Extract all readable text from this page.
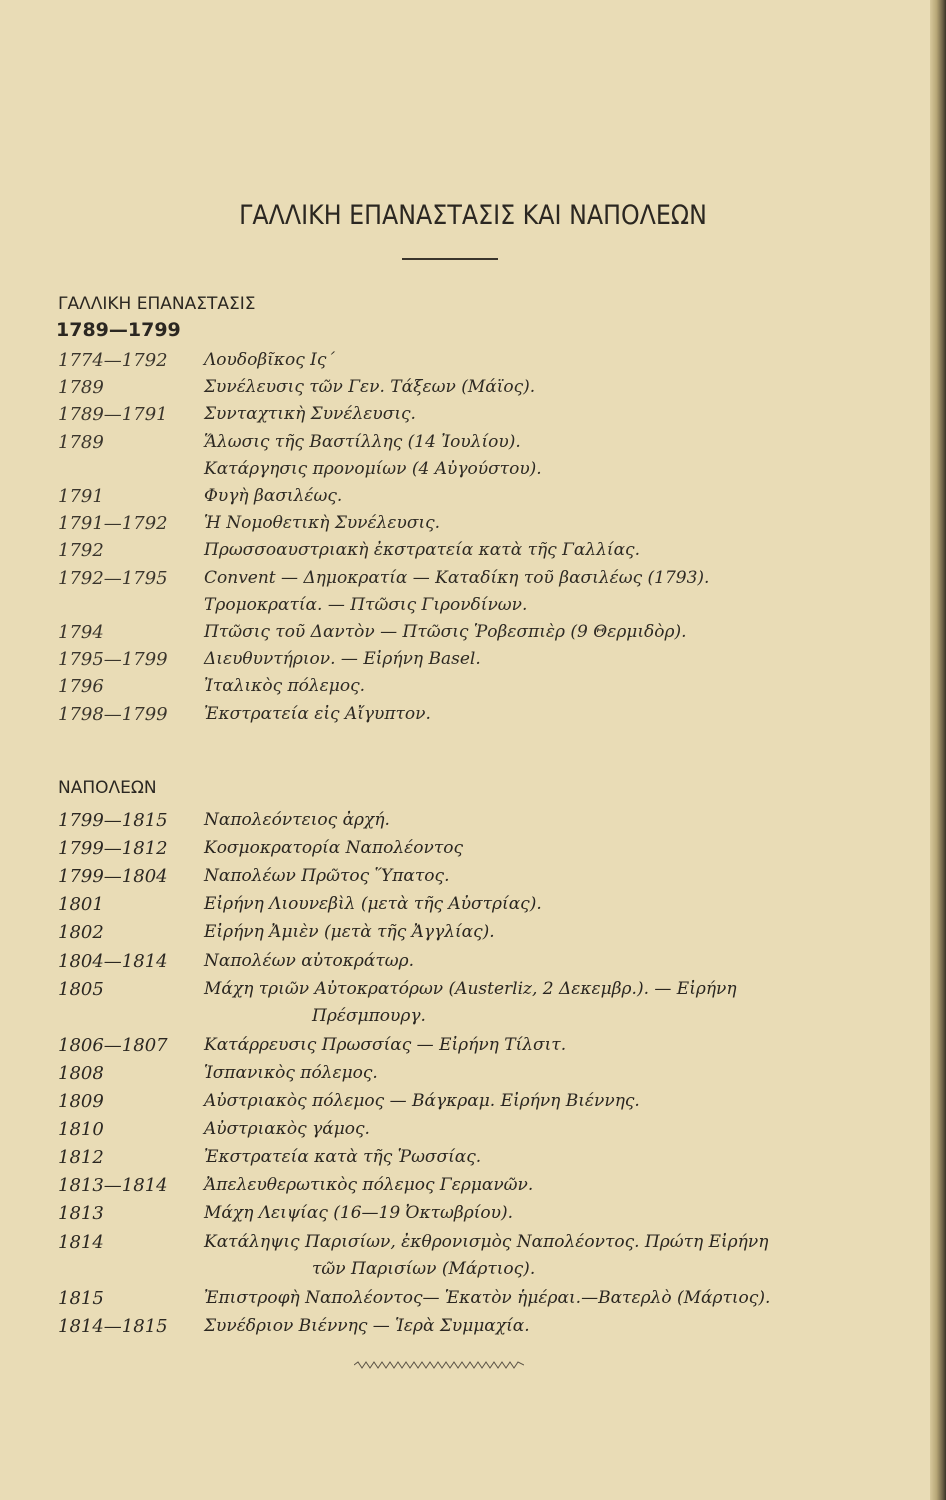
ΓΑΛΛΙΚΗ ΕΠΑΝΑΣΤΑΣΙΣ ΚΑΙ ΝΑΠΟΛΕΩΝ
ΓΑΛΛΙΚΗ ΕΠΑΝΑΣΤΑΣΙΣ
1789—1799
1774—1792 Λουδοβῖκος Ις΄
1789	Συνέλευσις τῶν Γεν. Τάξεων (Μάϊος).
1789—1791 Συνταχτικὴ Συνέλευσις.
1789	Ἅλωσις τῆς Βαστίλλης (14 Ἰουλίου).
Κατάργησις προνομίων (4 Αὐγούστου).
1791	Φυγὴ βασιλέως.
1791—1792 Ἡ Νομοθετικὴ Συνέλευσις.
1792	Πρωσσοαυστριακὴ ἐκστρατεία κατὰ τῆς Γαλλίας.
1792—1795 Convent — Δημοκρατία — Καταδίκη τοῦ βασιλέως (1793).
Τρομοκρατία. — Πτῶσις Γιρονδίνων.
1794	Πτῶσις τοῦ Δαντὸν — Πτῶσις Ῥοβεσπιὲρ (9 Θερμιδὸρ).
1795—1799 Διευθυντήριον. — Εἰρήνη Basel.
1796	Ἰταλικὸς πόλεμος.
1798—1799 Ἐκστρατεία εἰς Αἴγυπτον.
ΝΑΠΟΛΕΩΝ
1799—1815 Ναπολεόντειος ἀρχή.
1799—1812 Κοσμοκρατορία Ναπολέοντος
1799—1804 Ναπολέων Πρῶτος Ὕπατος.
1801	Εἰρήνη Λιουνεβὶλ (μετὰ τῆς Αὐστρίας).
1802	Εἰρήνη Ἀμιὲν (μετὰ τῆς Ἀγγλίας).
1804—1814 Ναπολέων αὐτοκράτωρ.
1805	Μάχη τριῶν Αὐτοκρατόρων (Austerliz, 2 Δεκεμβρ.). — Εἰρήνη
Πρέσμπουργ.
1806—1807 Κατάρρευσις Πρωσσίας — Εἰρήνη Τίλσιτ.
1808	Ἱσπανικὸς πόλεμος.
1809	Αὐστριακὸς πόλεμος — Βάγκραμ. Εἰρήνη Βιέννης.
1810	Αὐστριακὸς γάμος.
1812	Ἐκστρατεία κατὰ τῆς Ῥωσσίας.
1813—1814 Ἀπελευθερωτικὸς πόλεμος Γερμανῶν.
1813	Μάχη Λειψίας (16—19 Ὀκτωβρίου).
1814	Κατάληψις Παρισίων, ἐκθρονισμὸς Ναπολέοντος. Πρώτη Εἰρήνη
τῶν Παρισίων (Μάρτιος).
1815	Ἐπιστροφὴ Ναπολέοντος— Ἑκατὸν ἡμέραι.—Βατερλὸ (Μάρτιος).
1814—1815 Συνέδριον Βιέννης — Ἱερὰ Συμμαχία.
